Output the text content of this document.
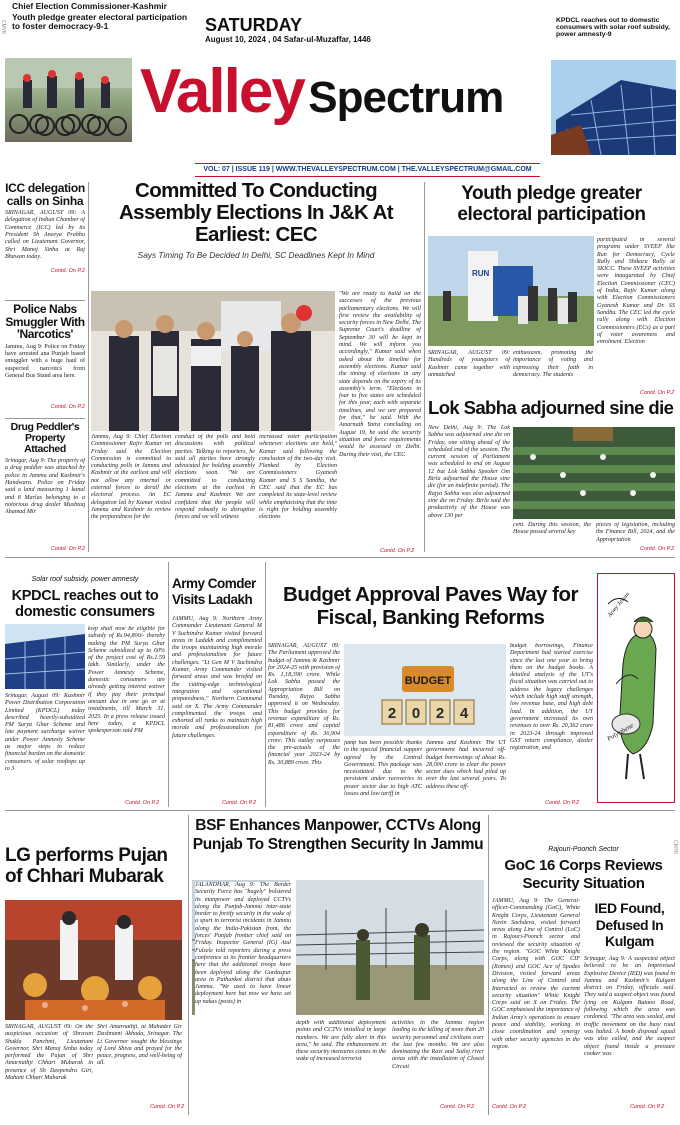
Chief Election Commissioner-Kashmir
Youth pledge greater electoral participation to foster democracy-9-1	SATURDAY
August 10, 2024 , 04 Safar-ul-Muzaffar, 1446
Valley Spectrum
KPDCL reaches out to domestic consumers with solar roof subsidy, power amnesty-9
CMYK
VOL: 07 | ISSUE 119 | WWW.THEVALLEYSPECTRUM.COM | THE.VALLEYSPECTRUM@GMAIL.COM
ICC delegation calls on Sinha
SRINAGAR, AUGUST 09: A delegation of Indian Chamber of Commerce (ICC) led by its President Sh Aneeya Prabhu called on Lieutenant Governor, Shri Manoj Sinha at Raj Bhawan today.
Contd. On P.2
Police Nabs Smuggler With 'Narcotics'
Jammu, Aug 9: Police on Friday have arrested ana Punjab based smuggler with a huge haul of suspected narcotics from General Bus Stand area here.
Contd. On P.2
Drug Peddler's Property Attached
Srinagar, Aug 9: The property of a drug peddler was attached by police in Jammu and Kashmir's Handwara. Police on Friday said a land measuring 1 kanal and 8 Marlas belonging to a notorious drug dealer Mushtaq Ahamad Mir
Contd. On P.2
Committed To Conducting Assembly Elections In J&K At Earliest: CEC
Says Timing To Be Decided In Delhi, SC Deadlines Kept In Mind
"We are ready to build on the successes of the previous parliamentary elections. We will first review the availability of security forces in New Delhi. The Supreme Court's deadline of September 30 will be kept in mind. We will inform you accordingly," Kumar said when asked about the timeline for assembly elections. Kumar said the timing of elections in any state depends on the expiry of its assembly's term. "Elections in four to five states are scheduled for this year, each with separate timelines, and we are prepared for that," he said. With the Amarnath Yatra concluding on August 19, he said the security situation and force requirements would be assessed in Delhi. During their visit, the CEC
Jammu, Aug 9: Chief Election Commissioner Rajiv Kumar on Friday said the Election Commission is committed to conducting polls in Jammu and Kashmir at the earliest and will not allow any internal or external forces to derail the electoral process. An EC delegation led by Kumar visited Jammu and Kashmir to review the preparedness for the
conduct of the polls and held discussions with political parties. Talking to reporters, he said all parties have strongly advocated for holding assembly elections soon. "We are committed to conducting elections at the earliest in Jammu and Kashmir. We are confident that the people will respond robustly to disruptive forces and we will witness
increased voter participation whenever elections are held," Kumar said following the conclusion of the two-day visit. Flanked by Election Commissioners Gyanesh Kumar and S S Sandhu, the CEC said that the EC has completed its state-level review while emphasising that the time is right for holding assembly elections
Contd. On P.2
Youth pledge greater electoral participation
RUN
participated in several programs under SVEEP like Run for Democracy, Cycle Rally and Shikara Rally at SKICC. These SVEEP activities were inaugurated by Chief Election Commissioner (CEC) of India, Rajiv Kumar along with Election Commissioners Gyanesh Kumar and Dr. SS Sandhu. The CEC led the cycle rally along with Election Commissioners (ECs) as a part of voter awareness and enrolment. Election
SRINAGAR, AUGUST 09: Hundreds of youngsters of Kashmir came together with unmatched
enthusiasm, promoting the importance of voting and expressing their faith in democracy. The students
Contd. On P.2
Lok Sabha adjourned sine die
New Delhi, Aug 9: The Lok Sabha was adjourned sine die on Friday, one sitting ahead of the scheduled end of the session. The current session of Parliament was scheduled to end on August 12 but Lok Sabha Speaker Om Birla adjourned the House sine die (for an indefinite period). The Rajya Sabha was also adjourned sine die on Friday. Birla said the productivity of the House was above 130 per
cent. During this session, the House passed several key
pieces of legislation, including the Finance Bill, 2024, and the Appropriation
Contd. On P.2
Solar roof subsidy, power amnesty
KPDCL reaches out to domestic consumers
Srinagar, August 09: Kashmir Power Distribution Corporation Limited (KPDCL) today described heavily-subsidized PM Surya Ghar Scheme and late payment surcharge waiver under Power Amnesty Scheme as major steps to reduce financial burden on the domestic consumers. of solar rooftops up to 3
kwp shall now be eligible for subsidy of Rs.94,800/- thereby making the PM Surya Ghar Scheme subsidized up to 60% of the project cost of Rs.1.59 lakh. Similarly, under the Power Amnesty Scheme, domestic consumers are already getting interest waiver if they pay their principal amount due in one go or at instalments, till March 31, 2025. In a press release issued here today, a KPDCL spokesperson said PM
Contd. On P.2
Army Comder Visits Ladakh
JAMMU, Aug 9: Northern Army Commander Lieutenant General M V Suchindra Kumar visited forward areas in Ladakh and complimented the troops maintaining high morale and professionalism for future challenges. "Lt Gen M V Suchindra Kumar, Army Commander visited forward areas and was briefed on the cutting-edge technological integration and operational preparedness," Northern Command said on X. The Army Commander complimented the troops and exhorted all ranks to maintain high morale and professionalism for future challenges.
Contd. On P.2
Budget Approval Paves Way for Fiscal, Banking Reforms
SRINAGAR, AUGUST 09: The Parliament approved the budget of Jammu & Kashmir for 2024-25 with provision of Rs. 1,18,390 crore. While Lok Sabha passed the Appropriation Bill on Tuesday, Rajya Sabha approved it on Wednesday. This budget provides for revenue expenditure of Rs. 81,486 crore and capital expenditure of Rs. 36,904 crore. This outlay surpasses the pre-actuals of the financial year 2023-24 by Rs. 30,889 crore. This
BUDGET
2 0 2 4
jump has been possible thanks to the special financial support agreed by the Central Government. This package was necessitated due to the persistent under recoveries in power sector due to high ATC losses and low tariff in
Jammu and Kashmir. The UT government had incurred off-budget borrowings of about Rs. 28,000 crore to clear the power sector dues which had piled up over the last several years. To address these off-
budget borrowings, Finance Department had started exercise since the last one year to bring them on the budget books. A detailed analysis of the UT's fiscal situation was carried out to address the legacy challenges which include high staff strength, low revenue base, and high debt load. In addition, the UT government increased its own revenues to over Rs. 20,362 crore in 2023-24 through improved GST return compliance, dealer registration, and
Contd. On P.2
Army Jawan
Polyethene
LG performs Pujan of Chhari Mubarak
SRINAGAR, AUGUST 09: On the auspicious occasion of Shravan Shukla Panchmi, Lieutenant Governor, Shri Manoj Sinha today performed the Pujan of Shri Amarnathji Chhari Mubarak in presence of Sh Deependra Giri, Mahant Chhari Mubarak
Shri Amarnathji, at Mahadev Gir Dashnami Akhada, Srinagar. The Lt Governor sought the blessings of Lord Shiva and prayed for the peace, progress, and well-being of all.
Contd. On P.2
BSF Enhances Manpower, CCTVs Along Punjab To Strengthen Security In Jammu
JALANDHAR, Aug 9: The Border Security Force has "hugely" bolstered its manpower and deployed CCTVs along the Punjab-Jammu inter-state border to fortify security in the wake of a spurt in terrorist incidents in Jammu along the India-Pakistan front, the forces' Punjab frontier chief said on Friday. Inspector General (IG) Atul Fulzele told reporters during a press conference at its frontier headquarters here that the additional troops have been deployed along the Gurdaspur area in Pathankot district that abuts Jammu. "We used to have linear deployment here but now we have set up nakas (posts) in
depth with additional deployment points and CCTVs installed in large numbers. We are fully alert in this area," he said. The enhancement in these security measures comes in the wake of increased terrorist
activities in the Jammu region leading to the killing of more than 20 security personnel and civilians over the last few months. We are also dominating the Ravi and Sutlej river areas with the installation of Closed Circuit
Contd. On P.2
Rajouri-Poonch Sector
GoC 16 Corps Reviews Security Situation
JAMMU, Aug 9: The General-officer-Commanding (GoC), White Knight Corps, Lieutenant General Navin Sachdeva, visited forward areas along Line of Control (LoC) in Rajouri-Poonch sector and reviewed the security situation of the region. "GOC White Knight Corps, along with GOC CIF (Romeo) and GOC Ace of Spades Division, visited forward areas along the Line of Control and Interacted to review the current security situation" White Knight Corps said on X on Friday. The GOC emphasised the importance of Indian Army's operations to ensure peace and stability, working in close coordination and synergy with other security agencies in the region.
Contd. On P.2
IED Found, Defused In Kulgam
Srinagar, Aug 9: A suspected object believed to be an Improvised Explosive Device (IED) was found in Jammu and Kashmir's Kulgam district on Friday, officials said. They said a suspect object was found lying on Kulgam Bataoo Road, following which the area was cordoned. "The area was sealed, and traffic movement on the busy road was halted. A bomb disposal squad was also called, and the suspect object found inside a pressure cooker was
Contd. On P.2
CMYK
